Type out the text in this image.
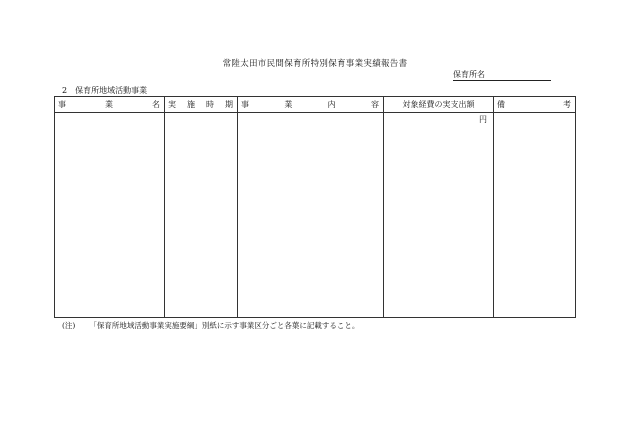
常陸太田市民間保育所特別保育事業実績報告書
保育所名
2 保育所地域活動事業
事 業 名	実 施 時 期	事 業 内 容	対象経費の実支出額	備 考

			円	
(注) 「保育所地域活動事業実施要綱」別紙に示す事業区分ごと各葉に記載すること。
